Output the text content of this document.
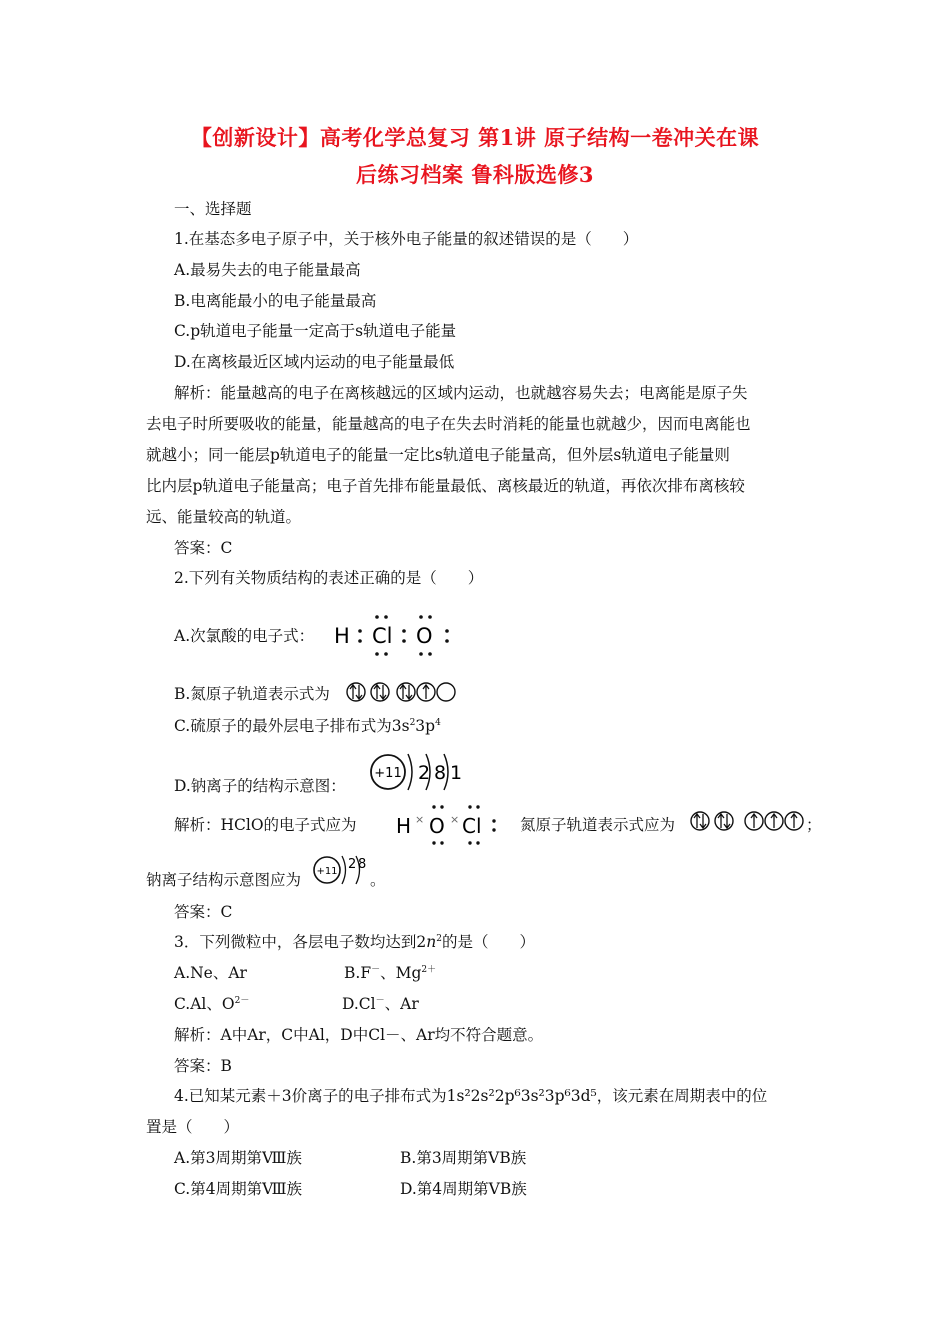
【创新设计】高考化学总复习 第1讲 原子结构一卷冲关在课
后练习档案 鲁科版选修3
一、选择题
1.在基态多电子原子中，关于核外电子能量的叙述错误的是（　　）
A.最易失去的电子能量最高
B.电离能最小的电子能量最高
C.p轨道电子能量一定高于s轨道电子能量
D.在离核最近区域内运动的电子能量最低
解析：能量越高的电子在离核越远的区域内运动，也就越容易失去；电离能是原子失
去电子时所要吸收的能量，能量越高的电子在失去时消耗的能量也就越少，因而电离能也
就越小；同一能层p轨道电子的能量一定比s轨道电子能量高，但外层s轨道电子能量则
比内层p轨道电子能量高；电子首先排布能量最低、离核最近的轨道，再依次排布离核较
远、能量较高的轨道。
答案：C
2.下列有关物质结构的表述正确的是（　　）
A.次氯酸的电子式： H Cl O
B.氮原子轨道表示式为
C.硫原子的最外层电子排布式为$3s^23p^4$
D.钠离子的结构示意图：
+11 2 8 1
解析：HClO的电子式应为 H × O × Cl 氮原子轨道表示式应为	；
钠离子结构示意图应为 +11 2 8
。
答案：C
3．下列微粒中，各层电子数均达到$2n^2$的是（　　）
A.Ne、Ar	B.F－、$Mg^{2+}$
C.Al、$O^{2-}$	D.Cl－、Ar
解析：A中Ar，C中Al，D中Cl－、Ar均不符合题意。
答案：B
4.已知某元素＋3价离子的电子排布式为1s²2s²2p⁶3s²3p⁶3d⁵，该元素在周期表中的位
置是（　　）
A.第3周期第Ⅷ族	B.第3周期第ⅤB族
C.第4周期第Ⅷ族	D.第4周期第ⅤB族
